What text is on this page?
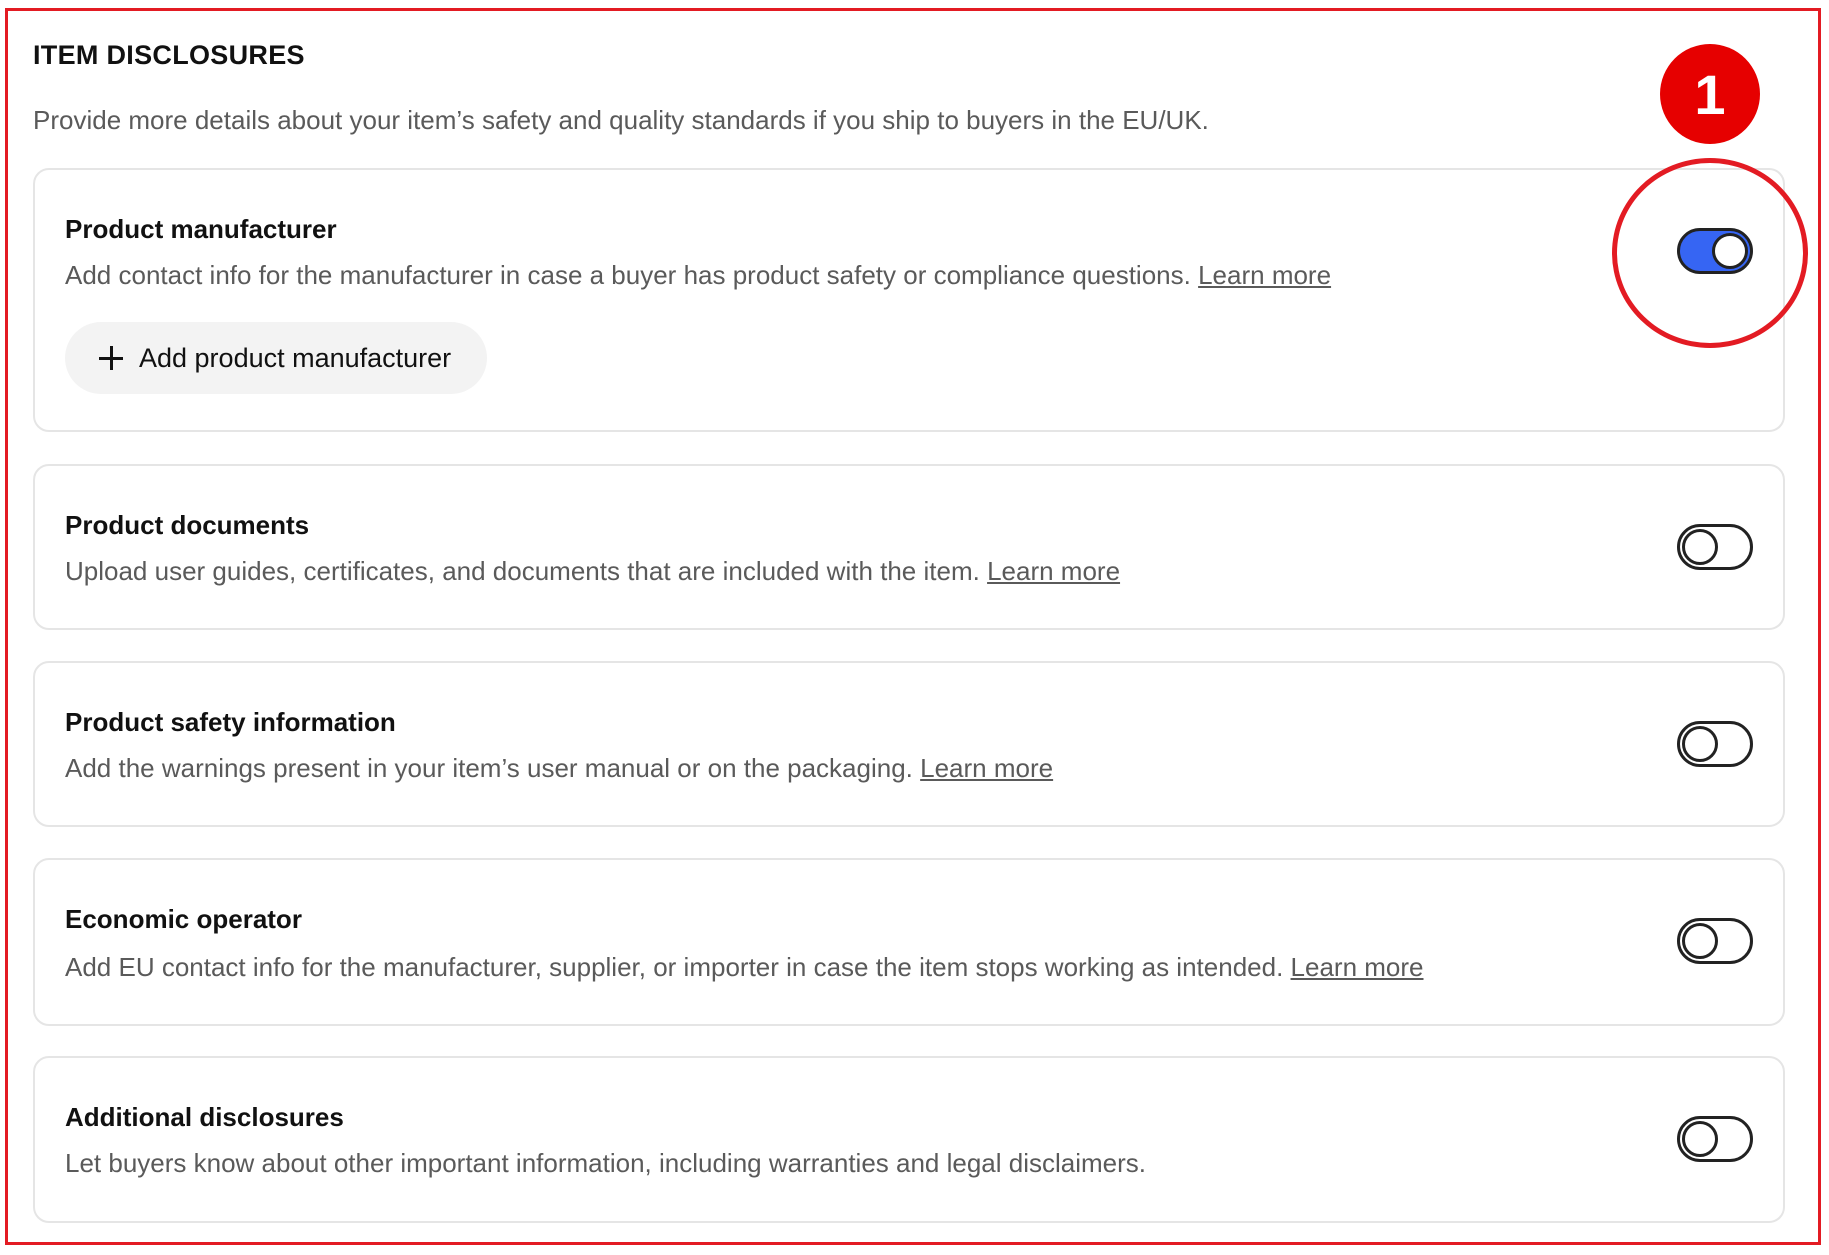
ITEM DISCLOSURES

Provide more details about your item’s safety and quality standards if you ship to buyers in the EU/UK.

Product manufacturer

Add contact info for the manufacturer in case a buyer has product safety or compliance questions. Learn more

Add product manufacturer

Product documents

Upload user guides, certificates, and documents that are included with the item. Learn more

Product safety information

Add the warnings present in your item’s user manual or on the packaging. Learn more

Economic operator

Add EU contact info for the manufacturer, supplier, or importer in case the item stops working as intended. Learn more

Additional disclosures

Let buyers know about other important information, including warranties and legal disclaimers.

1
